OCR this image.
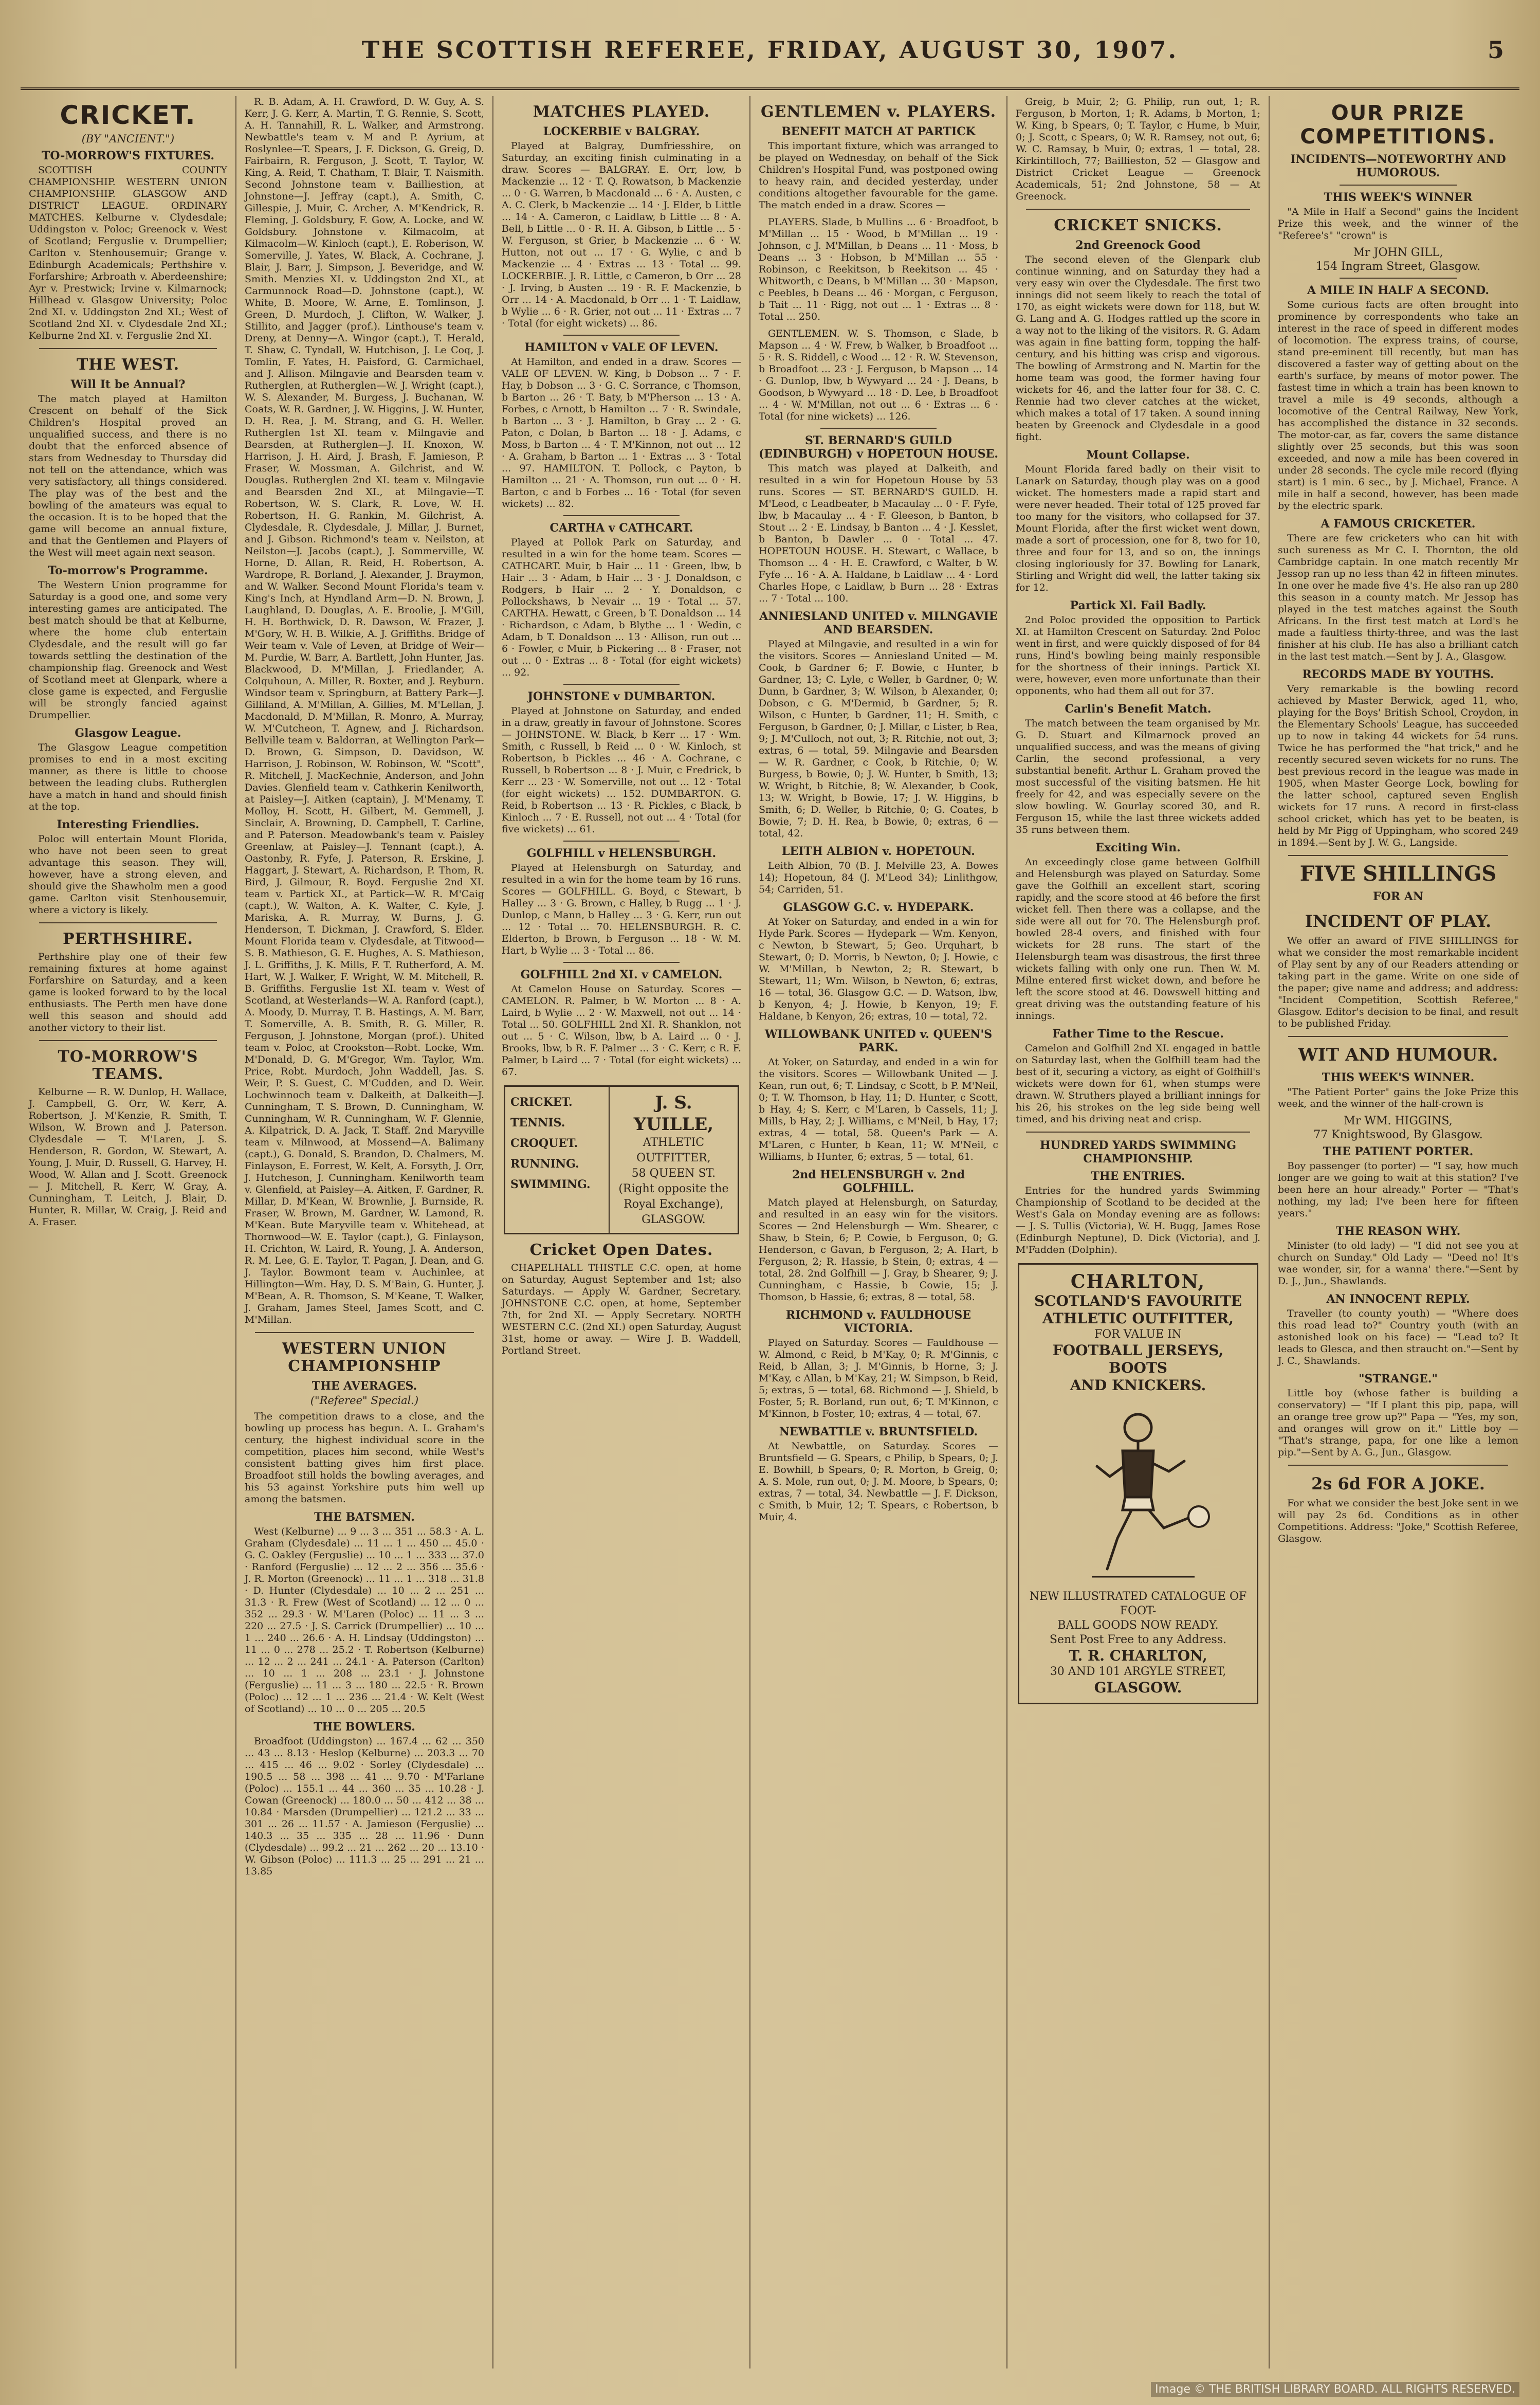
THE SCOTTISH REFEREE, FRIDAY, AUGUST 30, 1907.	5
CRICKET.
(BY "ANCIENT.")
TO-MORROW'S FIXTURES.

SCOTTISH COUNTY CHAMPIONSHIP. WESTERN UNION CHAMPIONSHIP. GLASGOW AND DISTRICT LEAGUE. ORDINARY MATCHES. Kelburne v. Clydesdale; Uddingston v. Poloc; Greenock v. West of Scotland; Ferguslie v. Drumpellier; Carlton v. Stenhousemuir; Grange v. Edinburgh Academicals; Perthshire v. Forfarshire; Arbroath v. Aberdeenshire; Ayr v. Prestwick; Irvine v. Kilmarnock; Hillhead v. Glasgow University; Poloc 2nd XI. v. Uddingston 2nd XI.; West of Scotland 2nd XI. v. Clydesdale 2nd XI.; Kelburne 2nd XI. v. Ferguslie 2nd XI.

THE WEST.
Will It be Annual?

The match played at Hamilton Crescent on behalf of the Sick Children's Hospital proved an unqualified success, and there is no doubt that the enforced absence of stars from Wednesday to Thursday did not tell on the attendance, which was very satisfactory, all things considered. The play was of the best and the bowling of the amateurs was equal to the occasion. It is to be hoped that the game will become an annual fixture, and that the Gentlemen and Players of the West will meet again next season.

To-morrow's Programme.

The Western Union programme for Saturday is a good one, and some very interesting games are anticipated. The best match should be that at Kelburne, where the home club entertain Clydesdale, and the result will go far towards settling the destination of the championship flag. Greenock and West of Scotland meet at Glenpark, where a close game is expected, and Ferguslie will be strongly fancied against Drumpellier.

Glasgow League.

The Glasgow League competition promises to end in a most exciting manner, as there is little to choose between the leading clubs. Rutherglen have a match in hand and should finish at the top.

Interesting Friendlies.

Poloc will entertain Mount Florida, who have not been seen to great advantage this season. They will, however, have a strong eleven, and should give the Shawholm men a good game. Carlton visit Stenhousemuir, where a victory is likely.

PERTHSHIRE.

Perthshire play one of their few remaining fixtures at home against Forfarshire on Saturday, and a keen game is looked forward to by the local enthusiasts. The Perth men have done well this season and should add another victory to their list.

TO-MORROW'S TEAMS.

Kelburne — R. W. Dunlop, H. Wallace, J. Campbell, G. Orr, W. Kerr, A. Robertson, J. M'Kenzie, R. Smith, T. Wilson, W. Brown and J. Paterson. Clydesdale — T. M'Laren, J. S. Henderson, R. Gordon, W. Stewart, A. Young, J. Muir, D. Russell, G. Harvey, H. Wood, W. Allan and J. Scott. Greenock — J. Mitchell, R. Kerr, W. Gray, A. Cunningham, T. Leitch, J. Blair, D. Hunter, R. Millar, W. Craig, J. Reid and A. Fraser.

R. B. Adam, A. H. Crawford, D. W. Guy, A. S. Kerr, J. G. Kerr, A. Martin, T. G. Rennie, S. Scott, A. H. Tannahill, R. L. Walker, and Armstrong. Newbattle's team v. M and P. Ayrium, at Roslynlee—T. Spears, J. F. Dickson, G. Greig, D. Fairbairn, R. Ferguson, J. Scott, T. Taylor, W. King, A. Reid, T. Chatham, T. Blair, T. Naismith. Second Johnstone team v. Bailliestion, at Johnstone—J. Jeffray (capt.), A. Smith, C. Gillespie, J. Muir, C. Archer, A. M'Kendrick, R. Fleming, J. Goldsbury, F. Gow, A. Locke, and W. Goldsbury. Johnstone v. Kilmacolm, at Kilmacolm—W. Kinloch (capt.), E. Roberison, W. Somerville, J. Yates, W. Black, A. Cochrane, J. Blair, J. Barr, J. Simpson, J. Beveridge, and W. Smith. Menzies XI. v. Uddingston 2nd XI., at Carmunnock Road—D. Johnstone (capt.), W. White, B. Moore, W. Arne, E. Tomlinson, J. Green, D. Murdoch, J. Clifton, W. Walker, J. Stillito, and Jagger (prof.). Linthouse's team v. Dreny, at Denny—A. Wingor (capt.), T. Herald, T. Shaw, C. Tyndall, W. Hutchison, J. Le Coq, J. Tomlin, F. Yates, H. Paisford, G. Carmichael, and J. Allison. Milngavie and Bearsden team v. Rutherglen, at Rutherglen—W. J. Wright (capt.), W. S. Alexander, M. Burgess, J. Buchanan, W. Coats, W. R. Gardner, J. W. Higgins, J. W. Hunter, D. H. Rea, J. M. Strang, and G. H. Weller. Rutherglen 1st XI. team v. Milngavie and Bearsden, at Rutherglen—J. H. Knoxon, W. Harrison, J. H. Aird, J. Brash, F. Jamieson, P. Fraser, W. Mossman, A. Gilchrist, and W. Douglas. Rutherglen 2nd XI. team v. Milngavie and Bearsden 2nd XI., at Milngavie—T. Robertson, W. S. Clark, R. Love, W. H. Robertson, H. G. Rankin, M. Gilchrist, A. Clydesdale, R. Clydesdale, J. Millar, J. Burnet, and J. Gibson. Richmond's team v. Neilston, at Neilston—J. Jacobs (capt.), J. Sommerville, W. Horne, D. Allan, R. Reid, H. Robertson, A. Wardrope, R. Borland, J. Alexander, J. Braymon, and W. Walker. Second Mount Florida's team v. King's Inch, at Hyndland Arm—D. N. Brown, J. Laughland, D. Douglas, A. E. Broolie, J. M'Gill, H. H. Borthwick, D. R. Dawson, W. Frazer, J. M'Gory, W. H. B. Wilkie, A. J. Griffiths. Bridge of Weir team v. Vale of Leven, at Bridge of Weir—M. Purdie, W. Barr, A. Bartlett, John Hunter, Jas. Blackwood, D. M'Millan, J. Friedlander, A. Colquhoun, A. Miller, R. Boxter, and J. Reyburn. Windsor team v. Springburn, at Battery Park—J. Gilliland, A. M'Millan, A. Gillies, M. M'Lellan, J. Macdonald, D. M'Millan, R. Monro, A. Murray, W. M'Cutcheon, T. Agnew, and J. Richardson. Bellville team v. Baldorran, at Wellington Park—D. Brown, G. Simpson, D. Davidson, W. Harrison, J. Robinson, W. Robinson, W. "Scott", R. Mitchell, J. MacKechnie, Anderson, and John Davies. Glenfield team v. Cathkerin Kenilworth, at Paisley—J. Aitken (captain), J. M'Menamy, T. Molloy, H. Scott, H. Gilbert, M. Gemmell, J. Sinclair, A. Browning, D. Campbell, T. Carline, and P. Paterson. Meadowbank's team v. Paisley Greenlaw, at Paisley—J. Tennant (capt.), A. Oastonby, R. Fyfe, J. Paterson, R. Erskine, J. Haggart, J. Stewart, A. Richardson, P. Thom, R. Bird, J. Gilmour, R. Boyd. Ferguslie 2nd XI. team v. Partick XI., at Partick—W. R. M'Caig (capt.), W. Walton, A. K. Walter, C. Kyle, J. Mariska, A. R. Murray, W. Burns, J. G. Henderson, T. Dickman, J. Crawford, S. Elder. Mount Florida team v. Clydesdale, at Titwood—S. B. Mathieson, G. E. Hughes, A. S. Mathieson, J. L. Griffiths, J. K. Mills, F. T. Rutherford, A. M. Hart, W. J. Walker, F. Wright, W. M. Mitchell, R. B. Griffiths. Ferguslie 1st XI. team v. West of Scotland, at Westerlands—W. A. Ranford (capt.), A. Moody, D. Murray, T. B. Hastings, A. M. Barr, T. Somerville, A. B. Smith, R. G. Miller, R. Ferguson, J. Johnstone, Morgan (prof.). Uhited team v. Poloc, at Crookston—Robt. Locke, Wm. M'Donald, D. G. M'Gregor, Wm. Taylor, Wm. Price, Robt. Murdoch, John Waddell, Jas. S. Weir, P. S. Guest, C. M'Cudden, and D. Weir. Lochwinnoch team v. Dalkeith, at Dalkeith—J. Cunningham, T. S. Brown, D. Cunningham, W. Cunningham, W. R. Cunningham, W. F. Glennie, A. Kilpatrick, D. A. Jack, T. Staff. 2nd Maryville team v. Milnwood, at Mossend—A. Balimany (capt.), G. Donald, S. Brandon, D. Chalmers, M. Finlayson, E. Forrest, W. Kelt, A. Forsyth, J. Orr, J. Hutcheson, J. Cunningham. Kenilworth team v. Glenfield, at Paisley—A. Aitken, F. Gardner, R. Millar, D. M'Kean, W. Brownlie, J. Burnside, R. Fraser, W. Brown, M. Gardner, W. Lamond, R. M'Kean. Bute Maryville team v. Whitehead, at Thornwood—W. E. Taylor (capt.), G. Finlayson, H. Crichton, W. Laird, R. Young, J. A. Anderson, R. M. Lee, G. E. Taylor, T. Pagan, J. Dean, and G. J. Taylor. Bowmont team v. Auchinlee, at Hillington—Wm. Hay, D. S. M'Bain, G. Hunter, J. M'Bean, A. R. Thomson, S. M'Keane, T. Walker, J. Graham, James Steel, James Scott, and C. M'Millan.

WESTERN UNION CHAMPIONSHIP
THE AVERAGES.
("Referee" Special.)

The competition draws to a close, and the bowling up process has begun. A. L. Graham's century, the highest individual score in the competition, places him second, while West's consistent batting gives him first place. Broadfoot still holds the bowling averages, and his 53 against Yorkshire puts him well up among the batsmen.

THE BATSMEN.

West (Kelburne) ... 9 ... 3 ... 351 ... 58.3 · A. L. Graham (Clydesdale) ... 11 ... 1 ... 450 ... 45.0 · G. C. Oakley (Ferguslie) ... 10 ... 1 ... 333 ... 37.0 · Ranford (Ferguslie) ... 12 ... 2 ... 356 ... 35.6 · J. R. Morton (Greenock) ... 11 ... 1 ... 318 ... 31.8 · D. Hunter (Clydesdale) ... 10 ... 2 ... 251 ... 31.3 · R. Frew (West of Scotland) ... 12 ... 0 ... 352 ... 29.3 · W. M'Laren (Poloc) ... 11 ... 3 ... 220 ... 27.5 · J. S. Carrick (Drumpellier) ... 10 ... 1 ... 240 ... 26.6 · A. H. Lindsay (Uddingston) ... 11 ... 0 ... 278 ... 25.2 · T. Robertson (Kelburne) ... 12 ... 2 ... 241 ... 24.1 · A. Paterson (Carlton) ... 10 ... 1 ... 208 ... 23.1 · J. Johnstone (Ferguslie) ... 11 ... 3 ... 180 ... 22.5 · R. Brown (Poloc) ... 12 ... 1 ... 236 ... 21.4 · W. Kelt (West of Scotland) ... 10 ... 0 ... 205 ... 20.5

THE BOWLERS.

Broadfoot (Uddingston) ... 167.4 ... 62 ... 350 ... 43 ... 8.13 · Heslop (Kelburne) ... 203.3 ... 70 ... 415 ... 46 ... 9.02 · Sorley (Clydesdale) ... 190.5 ... 58 ... 398 ... 41 ... 9.70 · M'Farlane (Poloc) ... 155.1 ... 44 ... 360 ... 35 ... 10.28 · J. Cowan (Greenock) ... 180.0 ... 50 ... 412 ... 38 ... 10.84 · Marsden (Drumpellier) ... 121.2 ... 33 ... 301 ... 26 ... 11.57 · A. Jamieson (Ferguslie) ... 140.3 ... 35 ... 335 ... 28 ... 11.96 · Dunn (Clydesdale) ... 99.2 ... 21 ... 262 ... 20 ... 13.10 · W. Gibson (Poloc) ... 111.3 ... 25 ... 291 ... 21 ... 13.85

MATCHES PLAYED.
LOCKERBIE v BALGRAY.

Played at Balgray, Dumfriesshire, on Saturday, an exciting finish culminating in a draw. Scores — BALGRAY. E. Orr, low, b Mackenzie ... 12 · T. Q. Rowatson, b Mackenzie ... 0 · G. Warren, b Macdonald ... 6 · A. Austen, c A. C. Clerk, b Mackenzie ... 14 · J. Elder, b Little ... 14 · A. Cameron, c Laidlaw, b Little ... 8 · A. Bell, b Little ... 0 · R. H. A. Gibson, b Little ... 5 · W. Ferguson, st Grier, b Mackenzie ... 6 · W. Hutton, not out ... 17 · G. Wylie, c and b Mackenzie ... 4 · Extras ... 13 · Total ... 99. LOCKERBIE. J. R. Little, c Cameron, b Orr ... 28 · J. Irving, b Austen ... 19 · R. F. Mackenzie, b Orr ... 14 · A. Macdonald, b Orr ... 1 · T. Laidlaw, b Wylie ... 6 · R. Grier, not out ... 11 · Extras ... 7 · Total (for eight wickets) ... 86.

HAMILTON v VALE OF LEVEN.

At Hamilton, and ended in a draw. Scores — VALE OF LEVEN. W. King, b Dobson ... 7 · F. Hay, b Dobson ... 3 · G. C. Sorrance, c Thomson, b Barton ... 26 · T. Baty, b M'Pherson ... 13 · A. Forbes, c Arnott, b Hamilton ... 7 · R. Swindale, b Barton ... 3 · J. Hamilton, b Gray ... 2 · G. Paton, c Dolan, b Barton ... 18 · J. Adams, c Moss, b Barton ... 4 · T. M'Kinnon, not out ... 12 · A. Graham, b Barton ... 1 · Extras ... 3 · Total ... 97. HAMILTON. T. Pollock, c Payton, b Hamilton ... 21 · A. Thomson, run out ... 0 · H. Barton, c and b Forbes ... 16 · Total (for seven wickets) ... 82.

CARTHA v CATHCART.

Played at Pollok Park on Saturday, and resulted in a win for the home team. Scores — CATHCART. Muir, b Hair ... 11 · Green, lbw, b Hair ... 3 · Adam, b Hair ... 3 · J. Donaldson, c Rodgers, b Hair ... 2 · Y. Donaldson, c Pollockshaws, b Nevair ... 19 · Total ... 57. CARTHA. Hewatt, c Green, b T. Donaldson ... 14 · Richardson, c Adam, b Blythe ... 1 · Wedin, c Adam, b T. Donaldson ... 13 · Allison, run out ... 6 · Fowler, c Muir, b Pickering ... 8 · Fraser, not out ... 0 · Extras ... 8 · Total (for eight wickets) ... 92.

JOHNSTONE v DUMBARTON.

Played at Johnstone on Saturday, and ended in a draw, greatly in favour of Johnstone. Scores — JOHNSTONE. W. Black, b Kerr ... 17 · Wm. Smith, c Russell, b Reid ... 0 · W. Kinloch, st Robertson, b Pickles ... 46 · A. Cochrane, c Russell, b Robertson ... 8 · J. Muir, c Fredrick, b Kerr ... 23 · W. Somerville, not out ... 12 · Total (for eight wickets) ... 152. DUMBARTON. G. Reid, b Robertson ... 13 · R. Pickles, c Black, b Kinloch ... 7 · E. Russell, not out ... 4 · Total (for five wickets) ... 61.

GOLFHILL v HELENSBURGH.

Played at Helensburgh on Saturday, and resulted in a win for the home team by 16 runs. Scores — GOLFHILL. G. Boyd, c Stewart, b Halley ... 3 · G. Brown, c Halley, b Rugg ... 1 · J. Dunlop, c Mann, b Halley ... 3 · G. Kerr, run out ... 12 · Total ... 70. HELENSBURGH. R. C. Elderton, b Brown, b Ferguson ... 18 · W. M. Hart, b Wylie ... 3 · Total ... 86.

GOLFHILL 2nd XI. v CAMELON.

At Camelon House on Saturday. Scores — CAMELON. R. Palmer, b W. Morton ... 8 · A. Laird, b Wylie ... 2 · W. Maxwell, not out ... 14 · Total ... 50. GOLFHILL 2nd XI. R. Shanklon, not out ... 5 · C. Wilson, lbw, b A. Laird ... 0 · J. Brooks, lbw, b R. F. Palmer ... 3 · C. Kerr, c R. F. Palmer, b Laird ... 7 · Total (for eight wickets) ... 67.

CRICKET. TENNIS. CROQUET. RUNNING. SWIMMING.
J. S. YUILLE,
ATHLETIC OUTFITTER,
58 QUEEN ST.
(Right opposite the Royal Exchange),
GLASGOW.
Cricket Open Dates.

CHAPELHALL THISTLE C.C. open, at home on Saturday, August September and 1st; also Saturdays. — Apply W. Gardner, Secretary. JOHNSTONE C.C. open, at home, September 7th, for 2nd XI. — Apply Secretary. NORTH WESTERN C.C. (2nd XI.) open Saturday, August 31st, home or away. — Wire J. B. Waddell, Portland Street.

GENTLEMEN v. PLAYERS.
BENEFIT MATCH AT PARTICK

This important fixture, which was arranged to be played on Wednesday, on behalf of the Sick Children's Hospital Fund, was postponed owing to heavy rain, and decided yesterday, under conditions altogether favourable for the game. The match ended in a draw. Scores —

PLAYERS. Slade, b Mullins ... 6 · Broadfoot, b M'Millan ... 15 · Wood, b M'Millan ... 19 · Johnson, c J. M'Millan, b Deans ... 11 · Moss, b Deans ... 3 · Hobson, b M'Millan ... 55 · Robinson, c Reekitson, b Reekitson ... 45 · Whitworth, c Deans, b M'Millan ... 30 · Mapson, c Peebles, b Deans ... 46 · Morgan, c Ferguson, b Tait ... 11 · Rigg, not out ... 1 · Extras ... 8 · Total ... 250.

GENTLEMEN. W. S. Thomson, c Slade, b Mapson ... 4 · W. Frew, b Walker, b Broadfoot ... 5 · R. S. Riddell, c Wood ... 12 · R. W. Stevenson, b Broadfoot ... 23 · J. Ferguson, b Mapson ... 14 · G. Dunlop, lbw, b Wywyard ... 24 · J. Deans, b Goodson, b Wywyard ... 18 · D. Lee, b Broadfoot ... 4 · W. M'Millan, not out ... 6 · Extras ... 6 · Total (for nine wickets) ... 126.

ST. BERNARD'S GUILD (EDINBURGH) v HOPETOUN HOUSE.

This match was played at Dalkeith, and resulted in a win for Hopetoun House by 53 runs. Scores — ST. BERNARD'S GUILD. H. M'Leod, c Leadbeater, b Macaulay ... 0 · F. Fyfe, lbw, b Macaulay ... 4 · F. Gleeson, b Banton, b Stout ... 2 · E. Lindsay, b Banton ... 4 · J. Kesslet, b Banton, b Dawler ... 0 · Total ... 47. HOPETOUN HOUSE. H. Stewart, c Wallace, b Thomson ... 4 · H. E. Crawford, c Walter, b W. Fyfe ... 16 · A. A. Haldane, b Laidlaw ... 4 · Lord Charles Hope, c Laidlaw, b Burn ... 28 · Extras ... 7 · Total ... 100.

ANNIESLAND UNITED v. MILNGAVIE AND BEARSDEN.

Played at Milngavie, and resulted in a win for the visitors. Scores — Anniesland United — M. Cook, b Gardner 6; F. Bowie, c Hunter, b Gardner, 13; C. Lyle, c Weller, b Gardner, 0; W. Dunn, b Gardner, 3; W. Wilson, b Alexander, 0; Dobson, c G. M'Dermid, b Gardner, 5; R. Wilson, c Hunter, b Gardner, 11; H. Smith, c Ferguson, b Gardner, 0; J. Millar, c Lister, b Rea, 9; J. M'Culloch, not out, 3; R. Ritchie, not out, 3; extras, 6 — total, 59. Milngavie and Bearsden — W. R. Gardner, c Cook, b Ritchie, 0; W. Burgess, b Bowie, 0; J. W. Hunter, b Smith, 13; W. Wright, b Ritchie, 8; W. Alexander, b Cook, 13; W. Wright, b Bowie, 17; J. W. Higgins, b Smith, 6; D. Weller, b Ritchie, 0; G. Coates, b Bowie, 7; D. H. Rea, b Bowie, 0; extras, 6 — total, 42.

LEITH ALBION v. HOPETOUN.

Leith Albion, 70 (B. J. Melville 23, A. Bowes 14); Hopetoun, 84 (J. M'Leod 34); Linlithgow, 54; Carriden, 51.

GLASGOW G.C. v. HYDEPARK.

At Yoker on Saturday, and ended in a win for Hyde Park. Scores — Hydepark — Wm. Kenyon, c Newton, b Stewart, 5; Geo. Urquhart, b Stewart, 0; D. Morris, b Newton, 0; J. Howie, c W. M'Millan, b Newton, 2; R. Stewart, b Stewart, 11; Wm. Wilson, b Newton, 6; extras, 16 — total, 36. Glasgow G.C. — D. Watson, lbw, b Kenyon, 4; J. Howie, b Kenyon, 19; F. Haldane, b Kenyon, 26; extras, 10 — total, 72.

WILLOWBANK UNITED v. QUEEN'S PARK.

At Yoker, on Saturday, and ended in a win for the visitors. Scores — Willowbank United — J. Kean, run out, 6; T. Lindsay, c Scott, b P. M'Neil, 0; T. W. Thomson, b Hay, 11; D. Hunter, c Scott, b Hay, 4; S. Kerr, c M'Laren, b Cassels, 11; J. Mills, b Hay, 2; J. Williams, c M'Neil, b Hay, 17; extras, 4 — total, 58. Queen's Park — A. M'Laren, c Hunter, b Kean, 11; W. M'Neil, c Williams, b Hunter, 6; extras, 5 — total, 61.

2nd HELENSBURGH v. 2nd GOLFHILL.

Match played at Helensburgh, on Saturday, and resulted in an easy win for the visitors. Scores — 2nd Helensburgh — Wm. Shearer, c Shaw, b Stein, 6; P. Cowie, b Ferguson, 0; G. Henderson, c Gavan, b Ferguson, 2; A. Hart, b Ferguson, 2; R. Hassie, b Stein, 0; extras, 4 — total, 28. 2nd Golfhill — J. Gray, b Shearer, 9; J. Cunningham, c Hassie, b Cowie, 15; J. Thomson, b Hassie, 6; extras, 8 — total, 58.

RICHMOND v. FAULDHOUSE VICTORIA.

Played on Saturday. Scores — Fauldhouse — W. Almond, c Reid, b M'Kay, 0; R. M'Ginnis, c Reid, b Allan, 3; J. M'Ginnis, b Horne, 3; J. M'Kay, c Allan, b M'Kay, 21; W. Simpson, b Reid, 5; extras, 5 — total, 68. Richmond — J. Shield, b Foster, 5; R. Borland, run out, 6; T. M'Kinnon, c M'Kinnon, b Foster, 10; extras, 4 — total, 67.

NEWBATTLE v. BRUNTSFIELD.

At Newbattle, on Saturday. Scores — Bruntsfield — G. Spears, c Philip, b Spears, 0; J. E. Bowhill, b Spears, 0; R. Morton, b Greig, 0; A. S. Mole, run out, 0; J. M. Moore, b Spears, 0; extras, 7 — total, 34. Newbattle — J. F. Dickson, c Smith, b Muir, 12; T. Spears, c Robertson, b Muir, 4.

Greig, b Muir, 2; G. Philip, run out, 1; R. Ferguson, b Morton, 1; R. Adams, b Morton, 1; W. King, b Spears, 0; T. Taylor, c Hume, b Muir, 0; J. Scott, c Spears, 0; W. R. Ramsey, not out, 6; W. C. Ramsay, b Muir, 0; extras, 1 — total, 28. Kirkintilloch, 77; Baillieston, 52 — Glasgow and District Cricket League — Greenock Academicals, 51; 2nd Johnstone, 58 — At Greenock.

CRICKET SNICKS.
2nd Greenock Good

The second eleven of the Glenpark club continue winning, and on Saturday they had a very easy win over the Clydesdale. The first two innings did not seem likely to reach the total of 170, as eight wickets were down for 118, but W. G. Lang and A. G. Hodges rattled up the score in a way not to the liking of the visitors. R. G. Adam was again in fine batting form, topping the half-century, and his hitting was crisp and vigorous. The bowling of Armstrong and N. Martin for the home team was good, the former having four wickets for 46, and the latter four for 38. C. C. Rennie had two clever catches at the wicket, which makes a total of 17 taken. A sound inning beaten by Greenock and Clydesdale in a good fight.

Mount Collapse.

Mount Florida fared badly on their visit to Lanark on Saturday, though play was on a good wicket. The homesters made a rapid start and were never headed. Their total of 125 proved far too many for the visitors, who collapsed for 37. Mount Florida, after the first wicket went down, made a sort of procession, one for 8, two for 10, three and four for 13, and so on, the innings closing ingloriously for 37. Bowling for Lanark, Stirling and Wright did well, the latter taking six for 12.

Partick Xl. Fail Badly.

2nd Poloc provided the opposition to Partick XI. at Hamilton Crescent on Saturday. 2nd Poloc went in first, and were quickly disposed of for 84 runs, Hind's bowling being mainly responsible for the shortness of their innings. Partick XI. were, however, even more unfortunate than their opponents, who had them all out for 37.

Carlin's Benefit Match.

The match between the team organised by Mr. G. D. Stuart and Kilmarnock proved an unqualified success, and was the means of giving Carlin, the second professional, a very substantial benefit. Arthur L. Graham proved the most successful of the visiting batsmen. He hit freely for 42, and was especially severe on the slow bowling. W. Gourlay scored 30, and R. Ferguson 15, while the last three wickets added 35 runs between them.

Exciting Win.

An exceedingly close game between Golfhill and Helensburgh was played on Saturday. Some gave the Golfhill an excellent start, scoring rapidly, and the score stood at 46 before the first wicket fell. Then there was a collapse, and the side were all out for 70. The Helensburgh prof. bowled 28-4 overs, and finished with four wickets for 28 runs. The start of the Helensburgh team was disastrous, the first three wickets falling with only one run. Then W. M. Milne entered first wicket down, and before he left the score stood at 46. Dowswell hitting and great driving was the outstanding feature of his innings.

Father Time to the Rescue.

Camelon and Golfhill 2nd XI. engaged in battle on Saturday last, when the Golfhill team had the best of it, securing a victory, as eight of Golfhill's wickets were down for 61, when stumps were drawn. W. Struthers played a brilliant innings for his 26, his strokes on the leg side being well timed, and his driving neat and crisp.

HUNDRED YARDS SWIMMING CHAMPIONSHIP.
THE ENTRIES.

Entries for the hundred yards Swimming Championship of Scotland to be decided at the West's Gala on Monday evening are as follows: — J. S. Tullis (Victoria), W. H. Bugg, James Rose (Edinburgh Neptune), D. Dick (Victoria), and J. M'Fadden (Dolphin).

CHARLTON,
SCOTLAND'S FAVOURITE
ATHLETIC OUTFITTER,
FOR VALUE IN
FOOTBALL JERSEYS, BOOTS
AND KNICKERS.
NEW ILLUSTRATED CATALOGUE OF FOOT-
BALL GOODS NOW READY.
Sent Post Free to any Address.
T. R. CHARLTON,
30 AND 101 ARGYLE STREET,
GLASGOW.
OUR PRIZE COMPETITIONS.
INCIDENTS—NOTEWORTHY AND HUMOROUS.
THIS WEEK'S WINNER

"A Mile in Half a Second" gains the Incident Prize this week, and the winner of the "Referee's" "crown" is

Mr JOHN GILL,
154 Ingram Street, Glasgow.
A MILE IN HALF A SECOND.

Some curious facts are often brought into prominence by correspondents who take an interest in the race of speed in different modes of locomotion. The express trains, of course, stand pre-eminent till recently, but man has discovered a faster way of getting about on the earth's surface, by means of motor power. The fastest time in which a train has been known to travel a mile is 49 seconds, although a locomotive of the Central Railway, New York, has accomplished the distance in 32 seconds. The motor-car, as far, covers the same distance slightly over 25 seconds, but this was soon exceeded, and now a mile has been covered in under 28 seconds. The cycle mile record (flying start) is 1 min. 6 sec., by J. Michael, France. A mile in half a second, however, has been made by the electric spark.

A FAMOUS CRICKETER.

There are few cricketers who can hit with such sureness as Mr C. I. Thornton, the old Cambridge captain. In one match recently Mr Jessop ran up no less than 42 in fifteen minutes. In one over he made five 4's. He also ran up 280 this season in a county match. Mr Jessop has played in the test matches against the South Africans. In the first test match at Lord's he made a faultless thirty-three, and was the last finisher at his club. He has also a brilliant catch in the last test match.—Sent by J. A., Glasgow.

RECORDS MADE BY YOUTHS.

Very remarkable is the bowling record achieved by Master Berwick, aged 11, who, playing for the Boys' British School, Croydon, in the Elementary Schools' League, has succeeded up to now in taking 44 wickets for 54 runs. Twice he has performed the "hat trick," and he recently secured seven wickets for no runs. The best previous record in the league was made in 1905, when Master George Lock, bowling for the latter school, captured seven English wickets for 17 runs. A record in first-class school cricket, which has yet to be beaten, is held by Mr Pigg of Uppingham, who scored 249 in 1894.—Sent by J. W. G., Langside.

FIVE SHILLINGS
FOR AN
INCIDENT OF PLAY.

We offer an award of FIVE SHILLINGS for what we consider the most remarkable incident of Play sent by any of our Readers attending or taking part in the game. Write on one side of the paper; give name and address; and address: "Incident Competition, Scottish Referee," Glasgow. Editor's decision to be final, and result to be published Friday.

WIT AND HUMOUR.
THIS WEEK'S WINNER.

"The Patient Porter" gains the Joke Prize this week, and the winner of the half-crown is

Mr WM. HIGGINS,
77 Knightswood, By Glasgow.
THE PATIENT PORTER.

Boy passenger (to porter) — "I say, how much longer are we going to wait at this station? I've been here an hour already." Porter — "That's nothing, my lad; I've been here for fifteen years."

THE REASON WHY.

Minister (to old lady) — "I did not see you at church on Sunday." Old Lady — "Deed no! It's wae wonder, sir, for a wanna' there."—Sent by D. J., Jun., Shawlands.

AN INNOCENT REPLY.

Traveller (to county youth) — "Where does this road lead to?" Country youth (with an astonished look on his face) — "Lead to? It leads to Glesca, and then straucht on."—Sent by J. C., Shawlands.

"STRANGE."

Little boy (whose father is building a conservatory) — "If I plant this pip, papa, will an orange tree grow up?" Papa — "Yes, my son, and oranges will grow on it." Little boy — "That's strange, papa, for one like a lemon pip."—Sent by A. G., Jun., Glasgow.

2s 6d FOR A JOKE.

For what we consider the best Joke sent in we will pay 2s 6d. Conditions as in other Competitions. Address: "Joke," Scottish Referee, Glasgow.

Image © THE BRITISH LIBRARY BOARD. ALL RIGHTS RESERVED.
